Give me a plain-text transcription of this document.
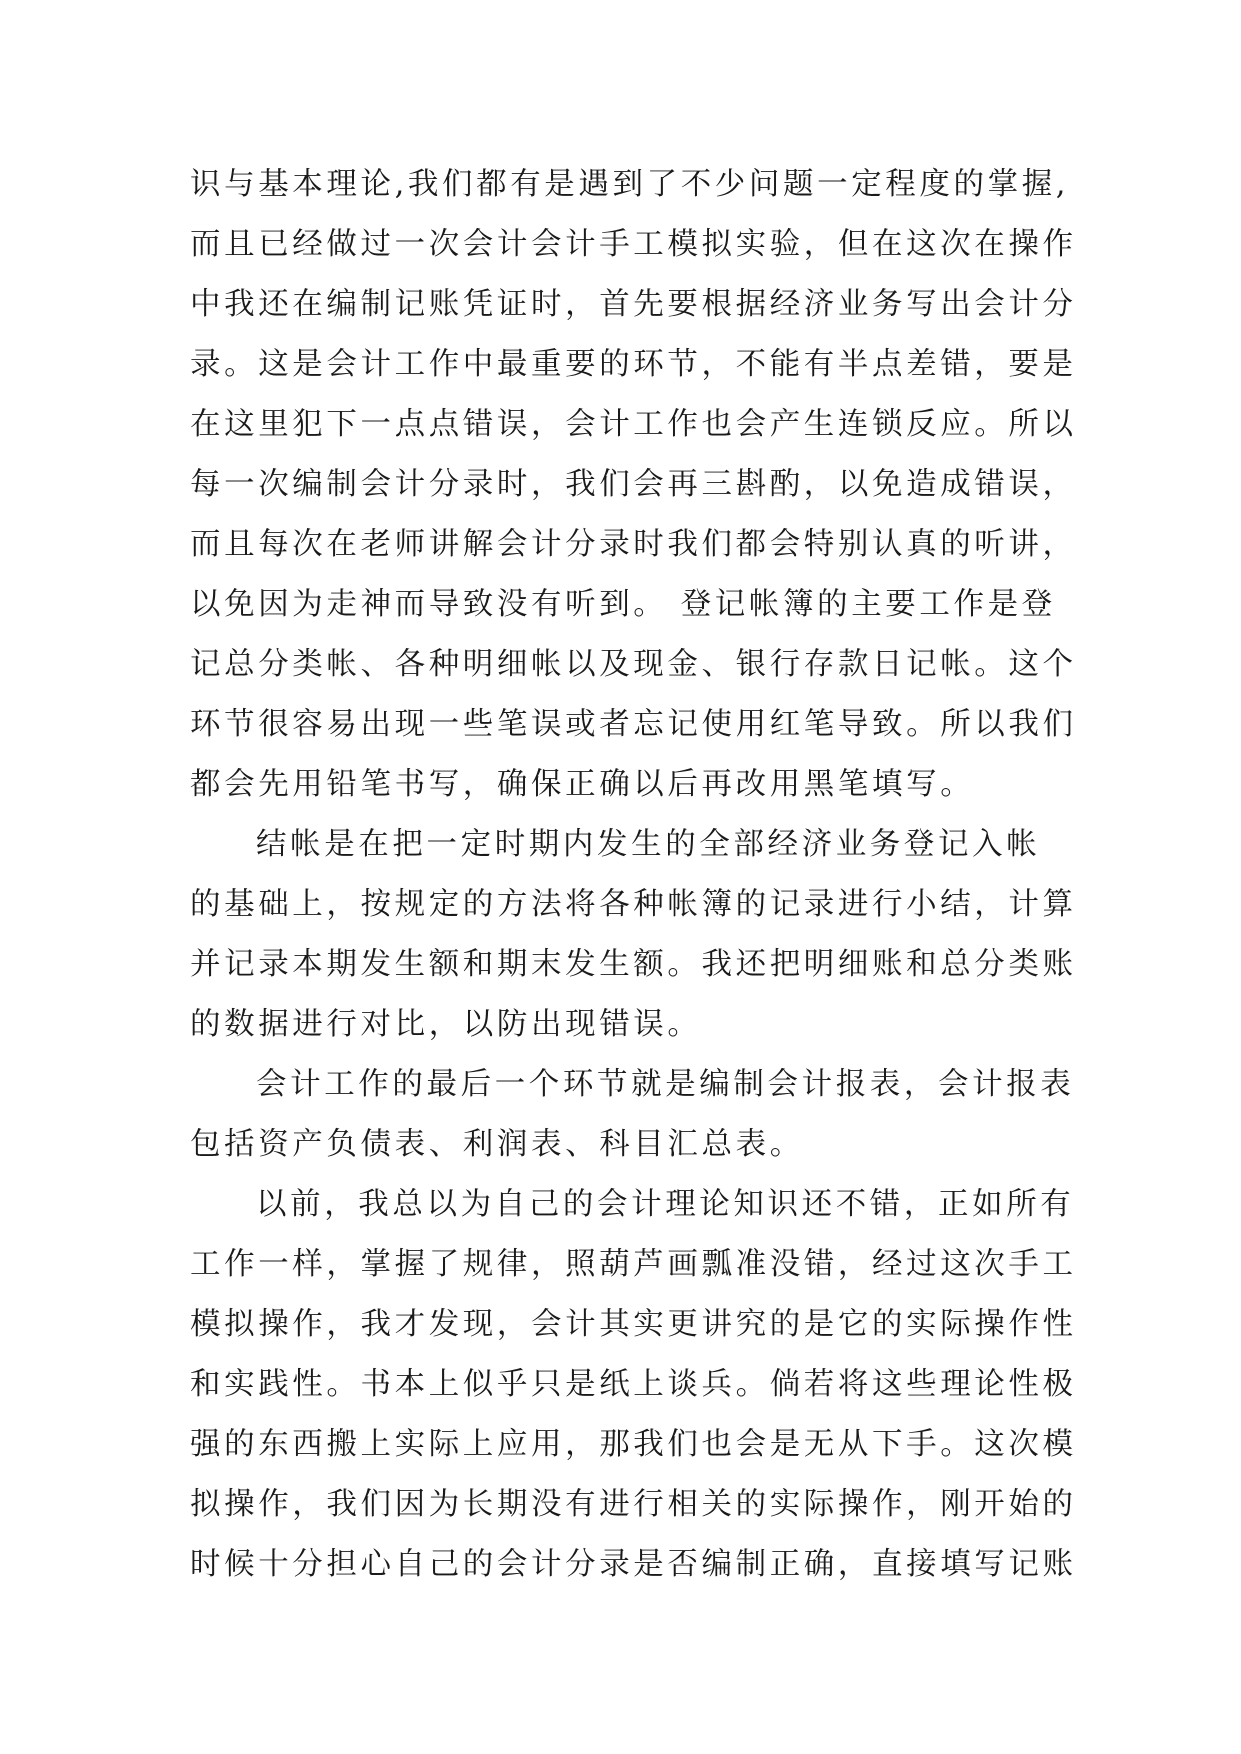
识与基本理论,我们都有是遇到了不少问题一定程度的掌握,
而且已经做过一次会计会计手工模拟实验，但在这次在操作
中我还在编制记账凭证时，首先要根据经济业务写出会计分
录。这是会计工作中最重要的环节，不能有半点差错，要是
在这里犯下一点点错误，会计工作也会产生连锁反应。所以
每一次编制会计分录时，我们会再三斟酌，以免造成错误，
而且每次在老师讲解会计分录时我们都会特别认真的听讲，
以免因为走神而导致没有听到。 登记帐簿的主要工作是登
记总分类帐、各种明细帐以及现金、银行存款日记帐。这个
环节很容易出现一些笔误或者忘记使用红笔导致。所以我们
都会先用铅笔书写，确保正确以后再改用黑笔填写。
结帐是在把一定时期内发生的全部经济业务登记入帐
的基础上，按规定的方法将各种帐簿的记录进行小结，计算
并记录本期发生额和期末发生额。我还把明细账和总分类账
的数据进行对比，以防出现错误。
会计工作的最后一个环节就是编制会计报表，会计报表
包括资产负债表、利润表、科目汇总表。
以前，我总以为自己的会计理论知识还不错，正如所有
工作一样，掌握了规律，照葫芦画瓢准没错，经过这次手工
模拟操作，我才发现，会计其实更讲究的是它的实际操作性
和实践性。书本上似乎只是纸上谈兵。倘若将这些理论性极
强的东西搬上实际上应用，那我们也会是无从下手。这次模
拟操作，我们因为长期没有进行相关的实际操作，刚开始的
时候十分担心自己的会计分录是否编制正确，直接填写记账
